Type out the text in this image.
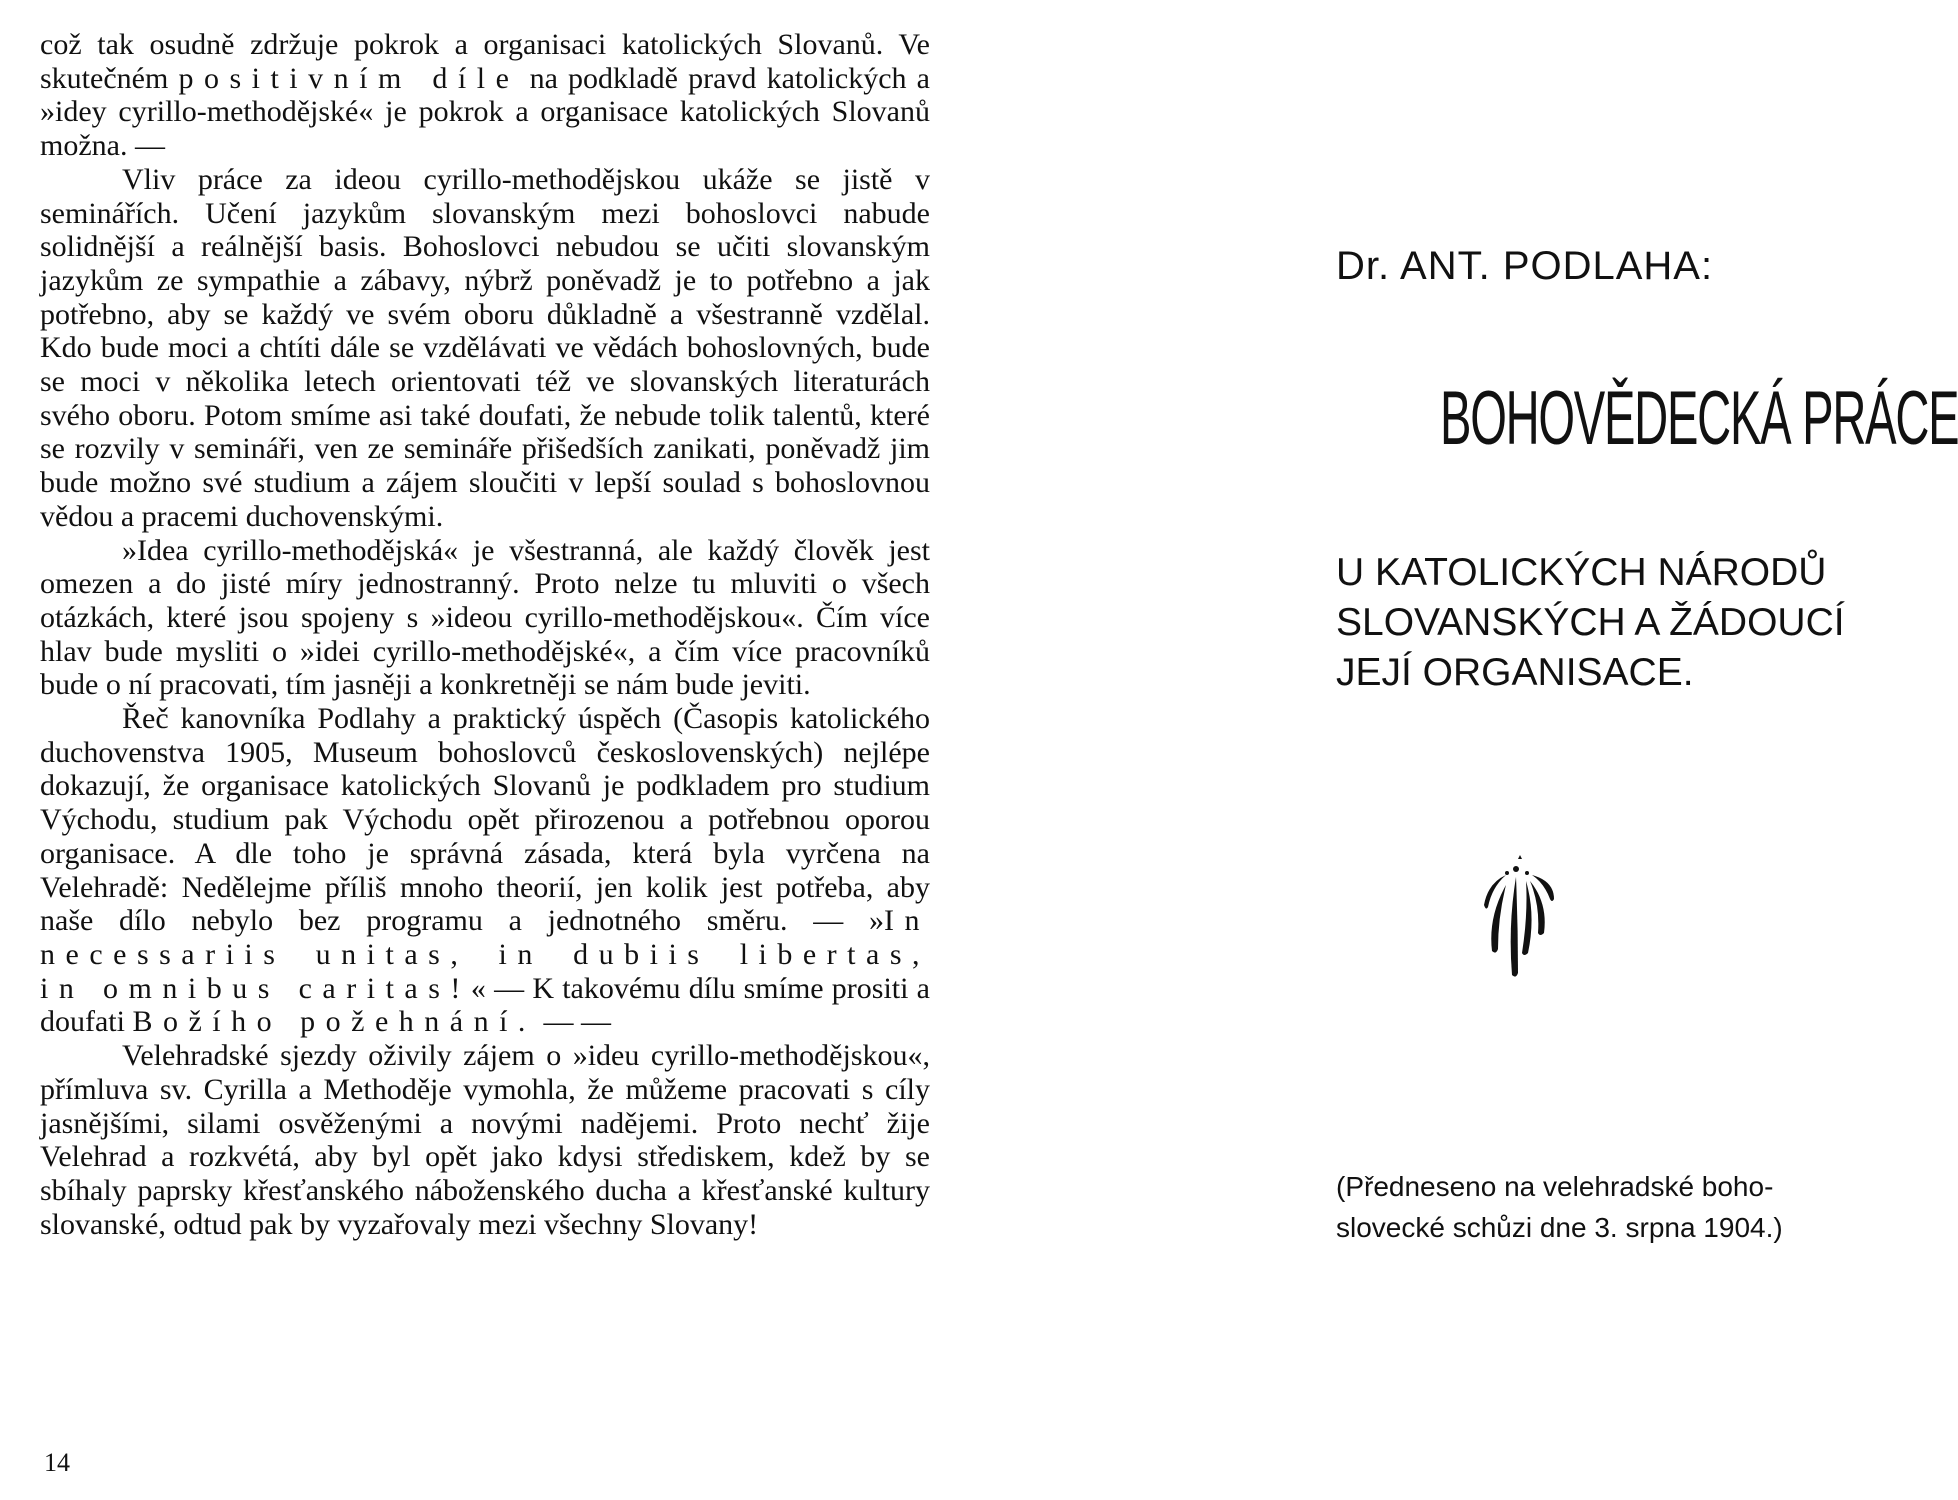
což tak osudně zdržuje pokrok a organisaci katolických Slovanů. Ve skutečném positivním díle na podkladě pravd katolických a »idey cyrillo-methodějské« je pokrok a organisace katolických Slovanů možna. —

Vliv práce za ideou cyrillo-methodějskou ukáže se jistě v seminářích. Učení jazykům slovanským mezi bohoslovci nabude solidnější a reálnější basis. Bohoslovci nebudou se učiti slovanským jazykům ze sympathie a zábavy, nýbrž poněvadž je to potřebno a jak potřebno, aby se každý ve svém oboru důkladně a všestranně vzdělal. Kdo bude moci a chtíti dále se vzdělávati ve vědách bohoslovných, bude se moci v několika letech orientovati též ve slovanských literaturách svého oboru. Potom smíme asi také doufati, že nebude tolik talentů, které se rozvily v semináři, ven ze semináře přišedších zanikati, poněvadž jim bude možno své studium a zájem sloučiti v lepší soulad s bohoslovnou vědou a pracemi duchovenskými.

»Idea cyrillo-methodějská« je všestranná, ale každý člověk jest omezen a do jisté míry jednostranný. Proto nelze tu mluviti o všech otázkách, které jsou spojeny s »ideou cyrillo-methodějskou«. Čím více hlav bude mysliti o »idei cyrillo-methodějské«, a čím více pracovníků bude o ní pracovati, tím jasněji a konkretněji se nám bude jeviti.

Řeč kanovníka Podlahy a praktický úspěch (Časopis katolického duchovenstva 1905, Museum bohoslovců československých) nejlépe dokazují, že organisace katolických Slovanů je podkladem pro studium Východu, studium pak Východu opět přirozenou a potřebnou oporou organisace. A dle toho je správná zásada, která byla vyrčena na Velehradě: Nedělejme příliš mnoho theorií, jen kolik jest potřeba, aby naše dílo nebylo bez programu a jednotného směru. — »In necessariis unitas, in dubiis libertas, in omnibus caritas!« — K takovému dílu smíme prositi a doufati Božího požehnání. — —

Velehradské sjezdy oživily zájem o »ideu cyrillo-methodějskou«, přímluva sv. Cyrilla a Methoděje vymohla, že můžeme pracovati s cíly jasnějšími, silami osvěženými a novými nadějemi. Proto nechť žije Velehrad a rozkvétá, aby byl opět jako kdysi střediskem, kdež by se sbíhaly paprsky křesťanského náboženského ducha a křesťanské kultury slovanské, odtud pak by vyzařovaly mezi všechny Slovany!

14
Dr. ANT. PODLAHA:
BOHOVĚDECKÁ PRÁCE
U KATOLICKÝCH NÁRODŮ
SLOVANSKÝCH A ŽÁDOUCÍ
JEJÍ ORGANISACE.
(Předneseno na velehradské boho-
slovecké schůzi dne 3. srpna 1904.)
